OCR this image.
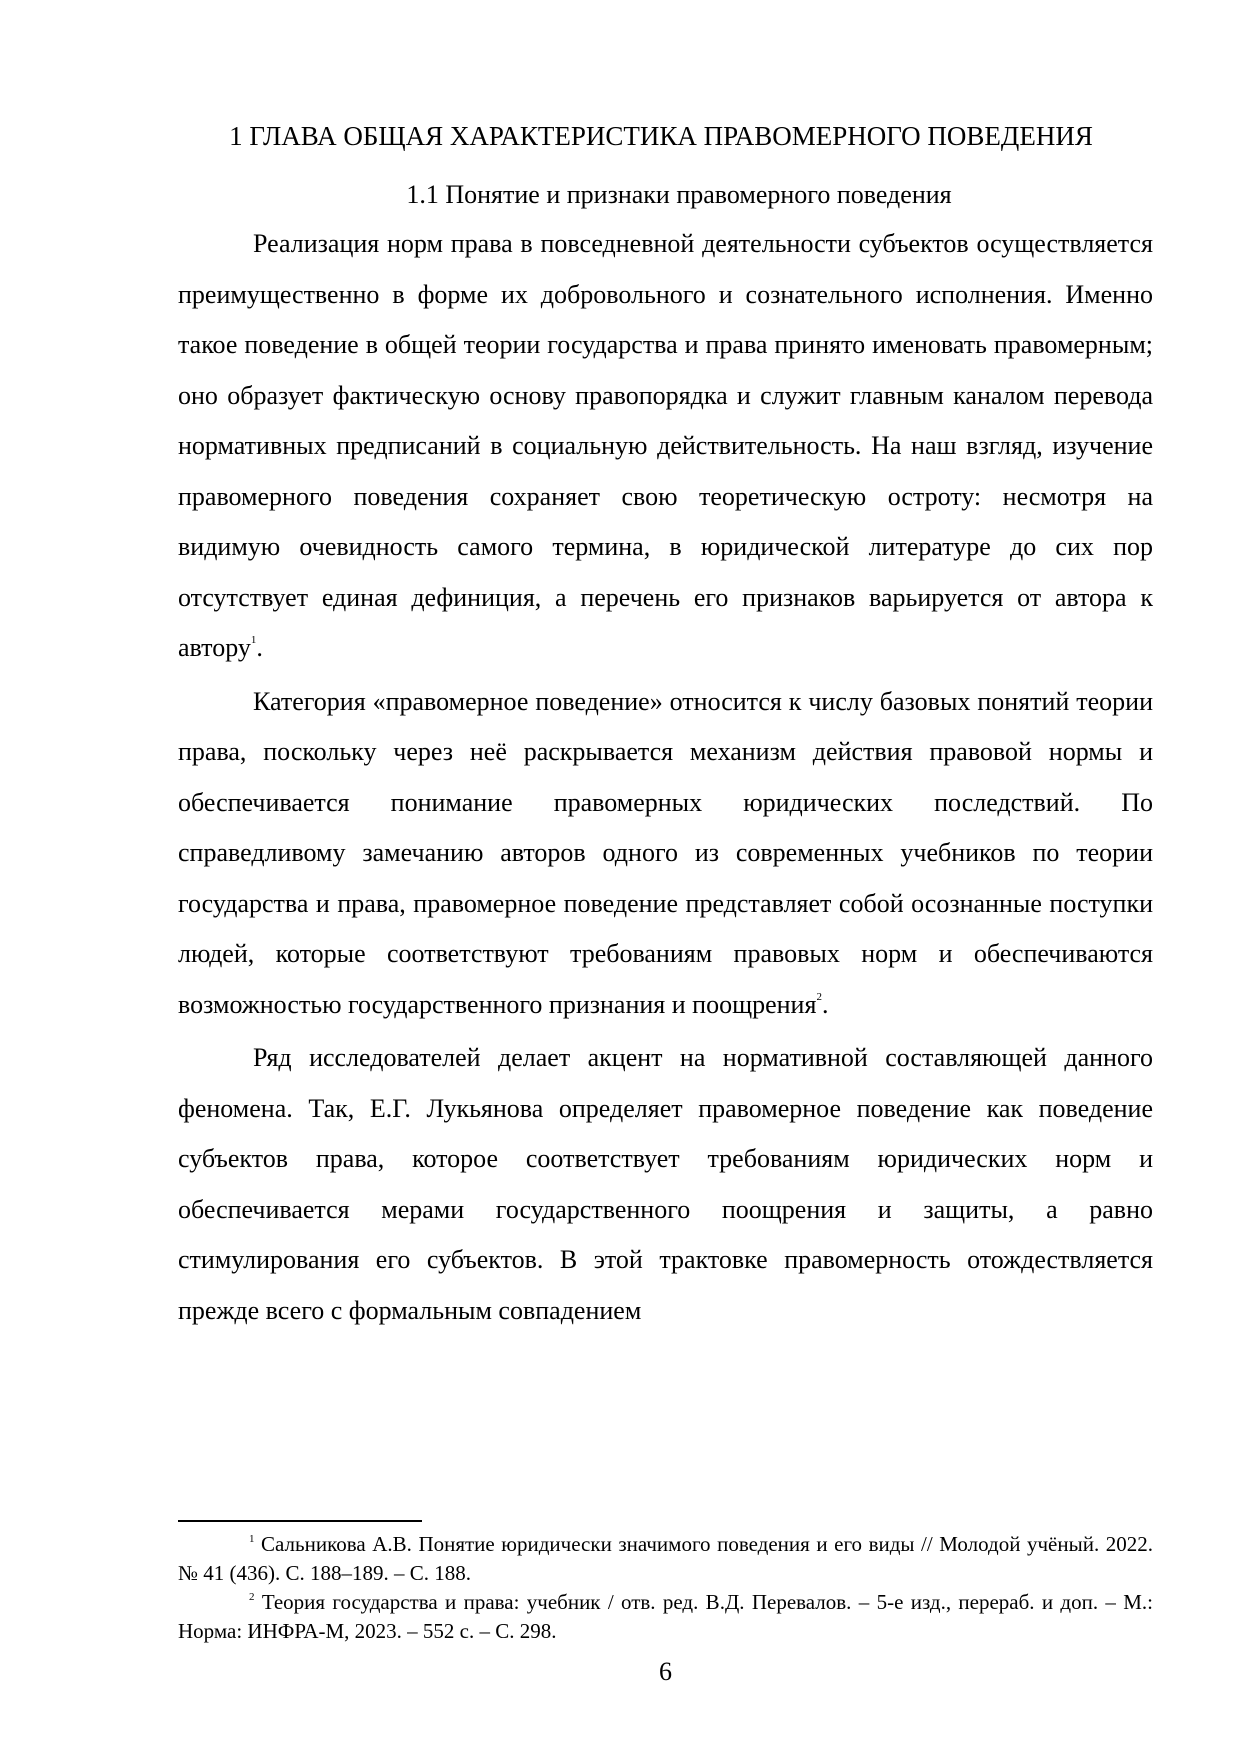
1 ГЛАВА ОБЩАЯ ХАРАКТЕРИСТИКА ПРАВОМЕРНОГО ПОВЕДЕНИЯ
1.1 Понятие и признаки правомерного поведения

Реализация норм права в повседневной деятельности субъектов осуществляется преимущественно в форме их добровольного и сознательного исполнения. Именно такое поведение в общей теории государства и права принято именовать правомерным; оно образует фактическую основу правопорядка и служит главным каналом перевода нормативных предписаний в социальную действительность. На наш взгляд, изучение правомерного поведения сохраняет свою теоретическую остроту: несмотря на видимую очевидность самого термина, в юридической литературе до сих пор отсутствует единая дефиниция, а перечень его признаков варьируется от автора к автору$^1$.

Категория «правомерное поведение» относится к числу базовых понятий теории права, поскольку через неё раскрывается механизм действия правовой нормы и обеспечивается понимание правомерных юридических последствий. По справедливому замечанию авторов одного из современных учебников по теории государства и права, правомерное поведение представляет собой осознанные поступки людей, которые соответствуют требованиям правовых норм и обеспечиваются возможностью государственного признания и поощрения$^2$.

Ряд исследователей делает акцент на нормативной составляющей данного феномена. Так, Е.Г. Лукьянова определяет правомерное поведение как поведение субъектов права, которое соответствует требованиям юридических норм и обеспечивается мерами государственного поощрения и защиты, а равно стимулирования его субъектов. В этой трактовке правомерность отождествляется прежде всего с формальным совпадением

$^1$ Сальникова А.В. Понятие юридически значимого поведения и его виды // Молодой учёный. 2022. № 41 (436). С. 188–189. – С. 188.

$^2$ Теория государства и права: учебник / отв. ред. В.Д. Перевалов. – 5-е изд., перераб. и доп. – М.: Норма: ИНФРА-М, 2023. – 552 с. – С. 298.

6
